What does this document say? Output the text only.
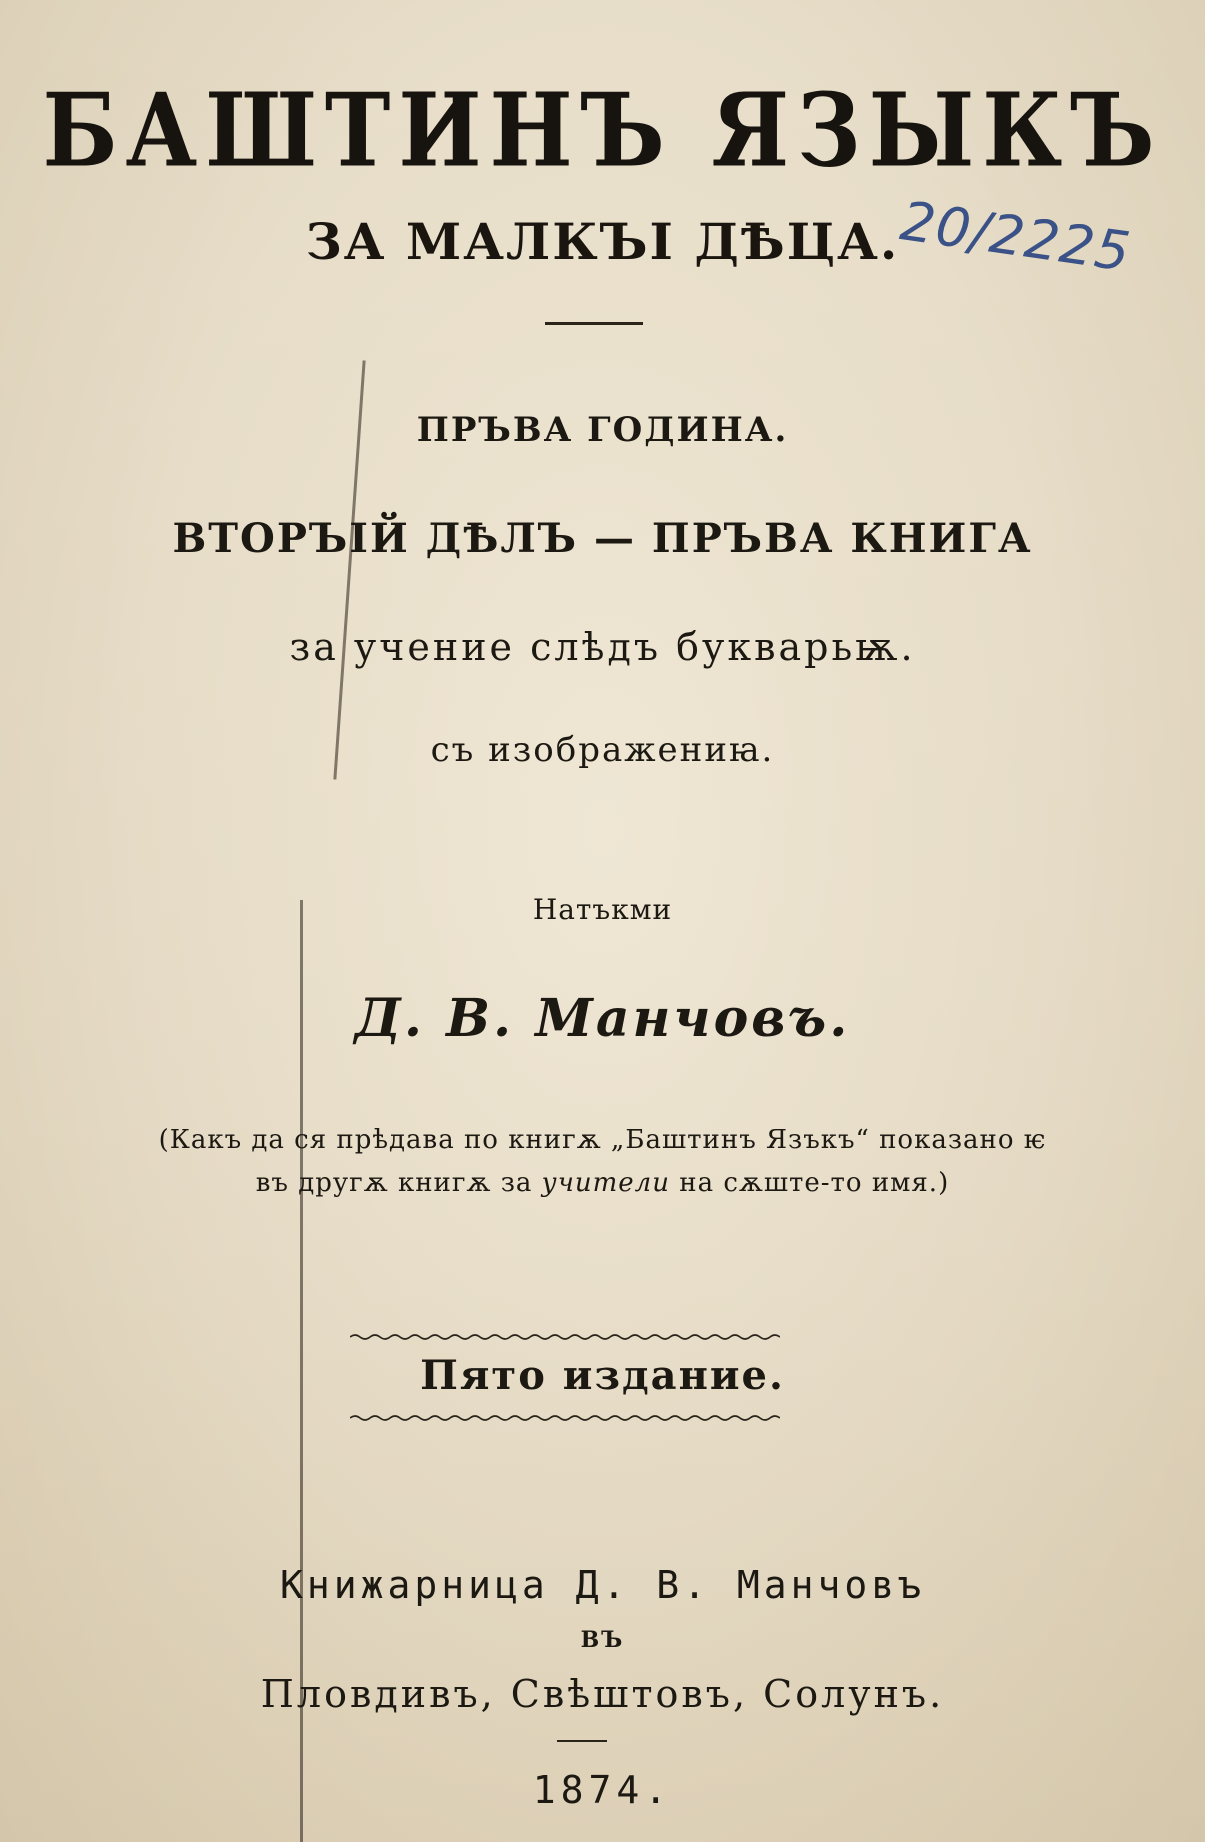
БАШТИНЪ ЯЗЫКЪ
ЗА МАЛКЪІ ДѢЦА.
20/2225
ПРЪВА ГОДИНА.
ВТОРЪІЙ ДѢЛЪ — ПРЪВА КНИГА
за учение слѣдъ букварьѭ.
съ изображениꙗ.
Натъкми
Д. В. Манчовъ.
(Какъ да ся прѣдава по книгѫ „Баштинъ Язъкъ“ показано ѥ
въ другѫ книгѫ за учители на сѫште-то имя.)
Пято издание.
Книжарница Д. В. Манчовъ
ВЪ
Пловдивъ, Свѣштовъ, Солунъ.
1874.
